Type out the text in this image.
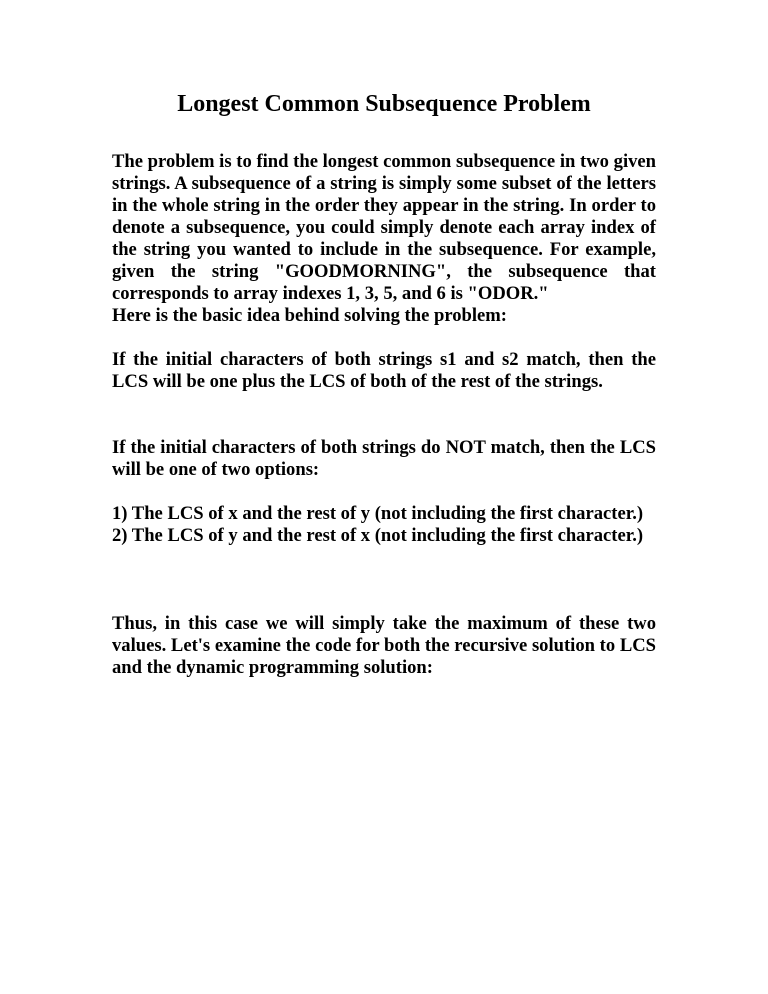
Longest Common Subsequence Problem

The problem is to find the longest common subsequence in two given strings. A subsequence of a string is simply some subset of the letters in the whole string in the order they appear in the string. In order to denote a subsequence, you could simply denote each array index of the string you wanted to include in the subsequence. For example, given the string "GOODMORNING", the subsequence that corresponds to array indexes 1, 3, 5, and 6 is "ODOR."

Here is the basic idea behind solving the problem:

If the initial characters of both strings s1 and s2 match, then the LCS will be one plus the LCS of both of the rest of the strings.

If the initial characters of both strings do NOT match, then the LCS will be one of two options:

1) The LCS of x and the rest of y (not including the first character.)
2) The LCS of y and the rest of x (not including the first character.)

Thus, in this case we will simply take the maximum of these two values. Let's examine the code for both the recursive solution to LCS and the dynamic programming solution:
